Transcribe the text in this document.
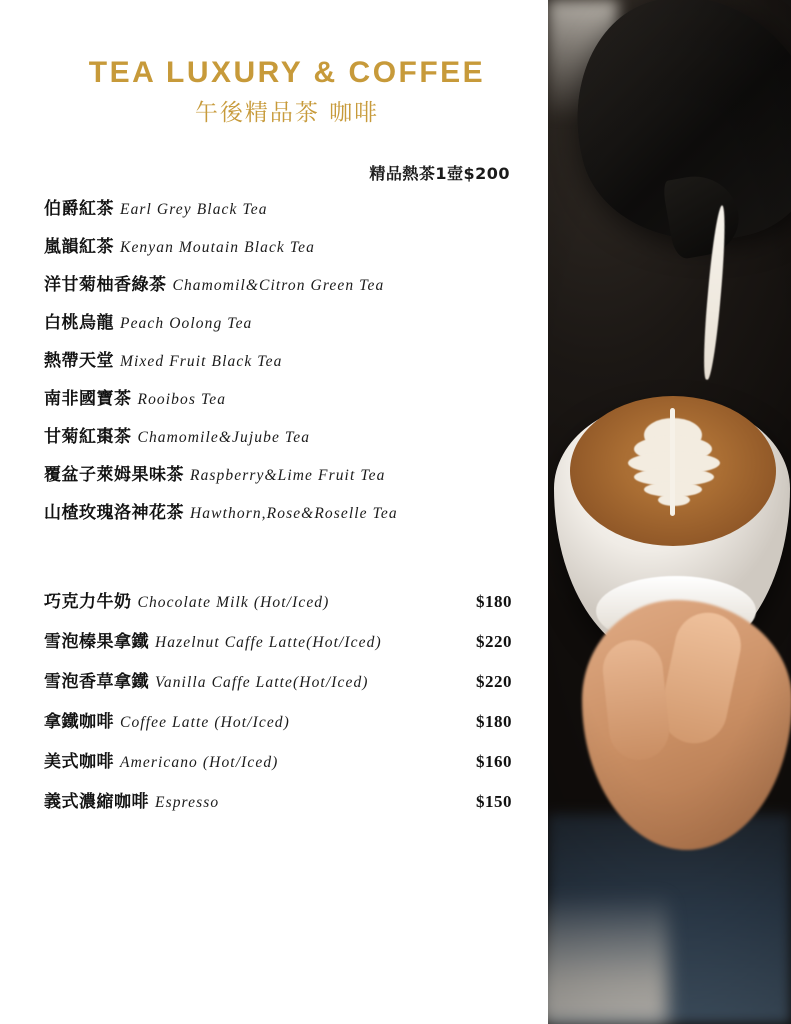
TEA LUXURY & COFFEE
午後精品茶 咖啡
精品熱茶1壺$200
伯爵紅茶 Earl Grey Black Tea
嵐韻紅茶 Kenyan Moutain Black Tea
洋甘菊柚香綠茶 Chamomil&Citron Green Tea
白桃烏龍 Peach Oolong Tea
熱帶天堂 Mixed Fruit Black Tea
南非國寶茶 Rooibos Tea
甘菊紅棗茶 Chamomile&Jujube Tea
覆盆子萊姆果味茶 Raspberry&Lime Fruit Tea
山楂玫瑰洛神花茶 Hawthorn,Rose&Roselle Tea
巧克力牛奶 Chocolate Milk (Hot/Iced)	$180
雪泡榛果拿鐵 Hazelnut Caffe Latte(Hot/Iced)	$220
雪泡香草拿鐵 Vanilla Caffe Latte(Hot/Iced)	$220
拿鐵咖啡 Coffee Latte (Hot/Iced)	$180
美式咖啡 Americano (Hot/Iced)	$160
義式濃縮咖啡 Espresso	$150
